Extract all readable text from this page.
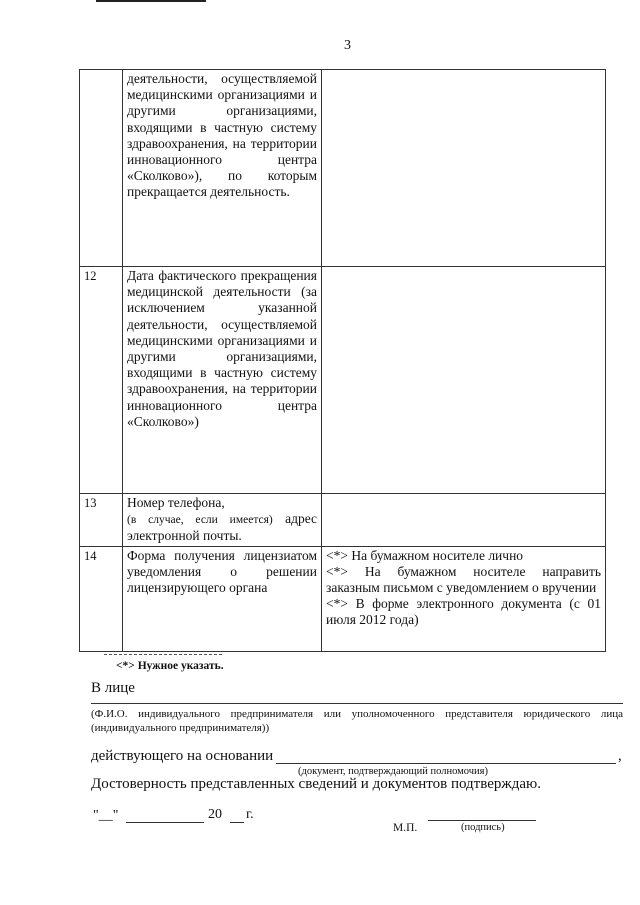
3
	деятельности, осуществляемой медицинскими организациями и другими организациями, входящими в частную систему здравоохранения, на территории инновационного центра «Сколково»), по которым прекращается деятельность.	
12	Дата фактического прекращения медицинской деятельности (за исключением указанной деятельности, осуществляемой медицинскими организациями и другими организациями, входящими в частную систему здравоохранения, на территории инновационного центра «Сколково»)	
13	Номер телефона,
(в случае, если имеется) адрес электронной почты.	
14	Форма получения лицензиатом уведомления о решении лицензирующего органа	<*> На бумажном носителе лично

<*> На бумажном носителе направить заказным письмом с уведомлением о вручении

<*> В форме электронного документа (с 01 июля 2012 года)

<*> Нужное указать.
В лице
(Ф.И.О. индивидуального предпринимателя или уполномоченного представителя юридического лица (индивидуального предпринимателя))
действующего на основании	,
(документ, подтверждающий полномочия)
Достоверность представленных сведений и документов подтверждаю.
"__"	20 г.
М.П.	(подпись)
